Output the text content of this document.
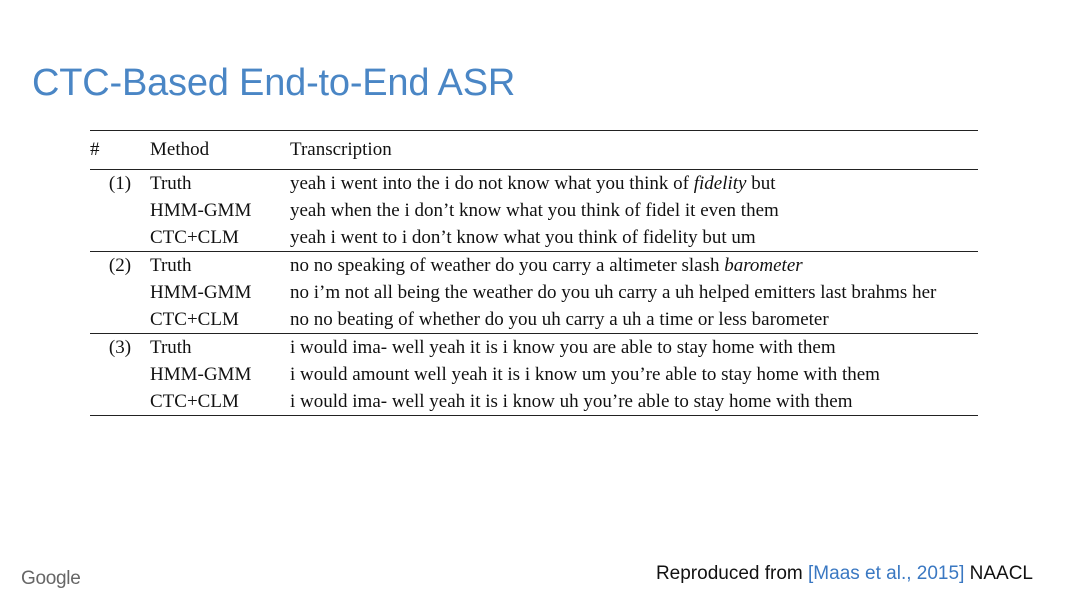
CTC-Based End-to-End ASR
#	Method	Transcription
(1)	Truth	yeah i went into the i do not know what you think of fidelity but
	HMM-GMM	yeah when the i don’t know what you think of fidel it even them
	CTC+CLM	yeah i went to i don’t know what you think of fidelity but um
(2)	Truth	no no speaking of weather do you carry a altimeter slash barometer
	HMM-GMM	no i’m not all being the weather do you uh carry a uh helped emitters last brahms her
	CTC+CLM	no no beating of whether do you uh carry a uh a time or less barometer
(3)	Truth	i would ima- well yeah it is i know you are able to stay home with them
	HMM-GMM	i would amount well yeah it is i know um you’re able to stay home with them
	CTC+CLM	i would ima- well yeah it is i know uh you’re able to stay home with them
Google	Reproduced from [Maas et al., 2015] NAACL
